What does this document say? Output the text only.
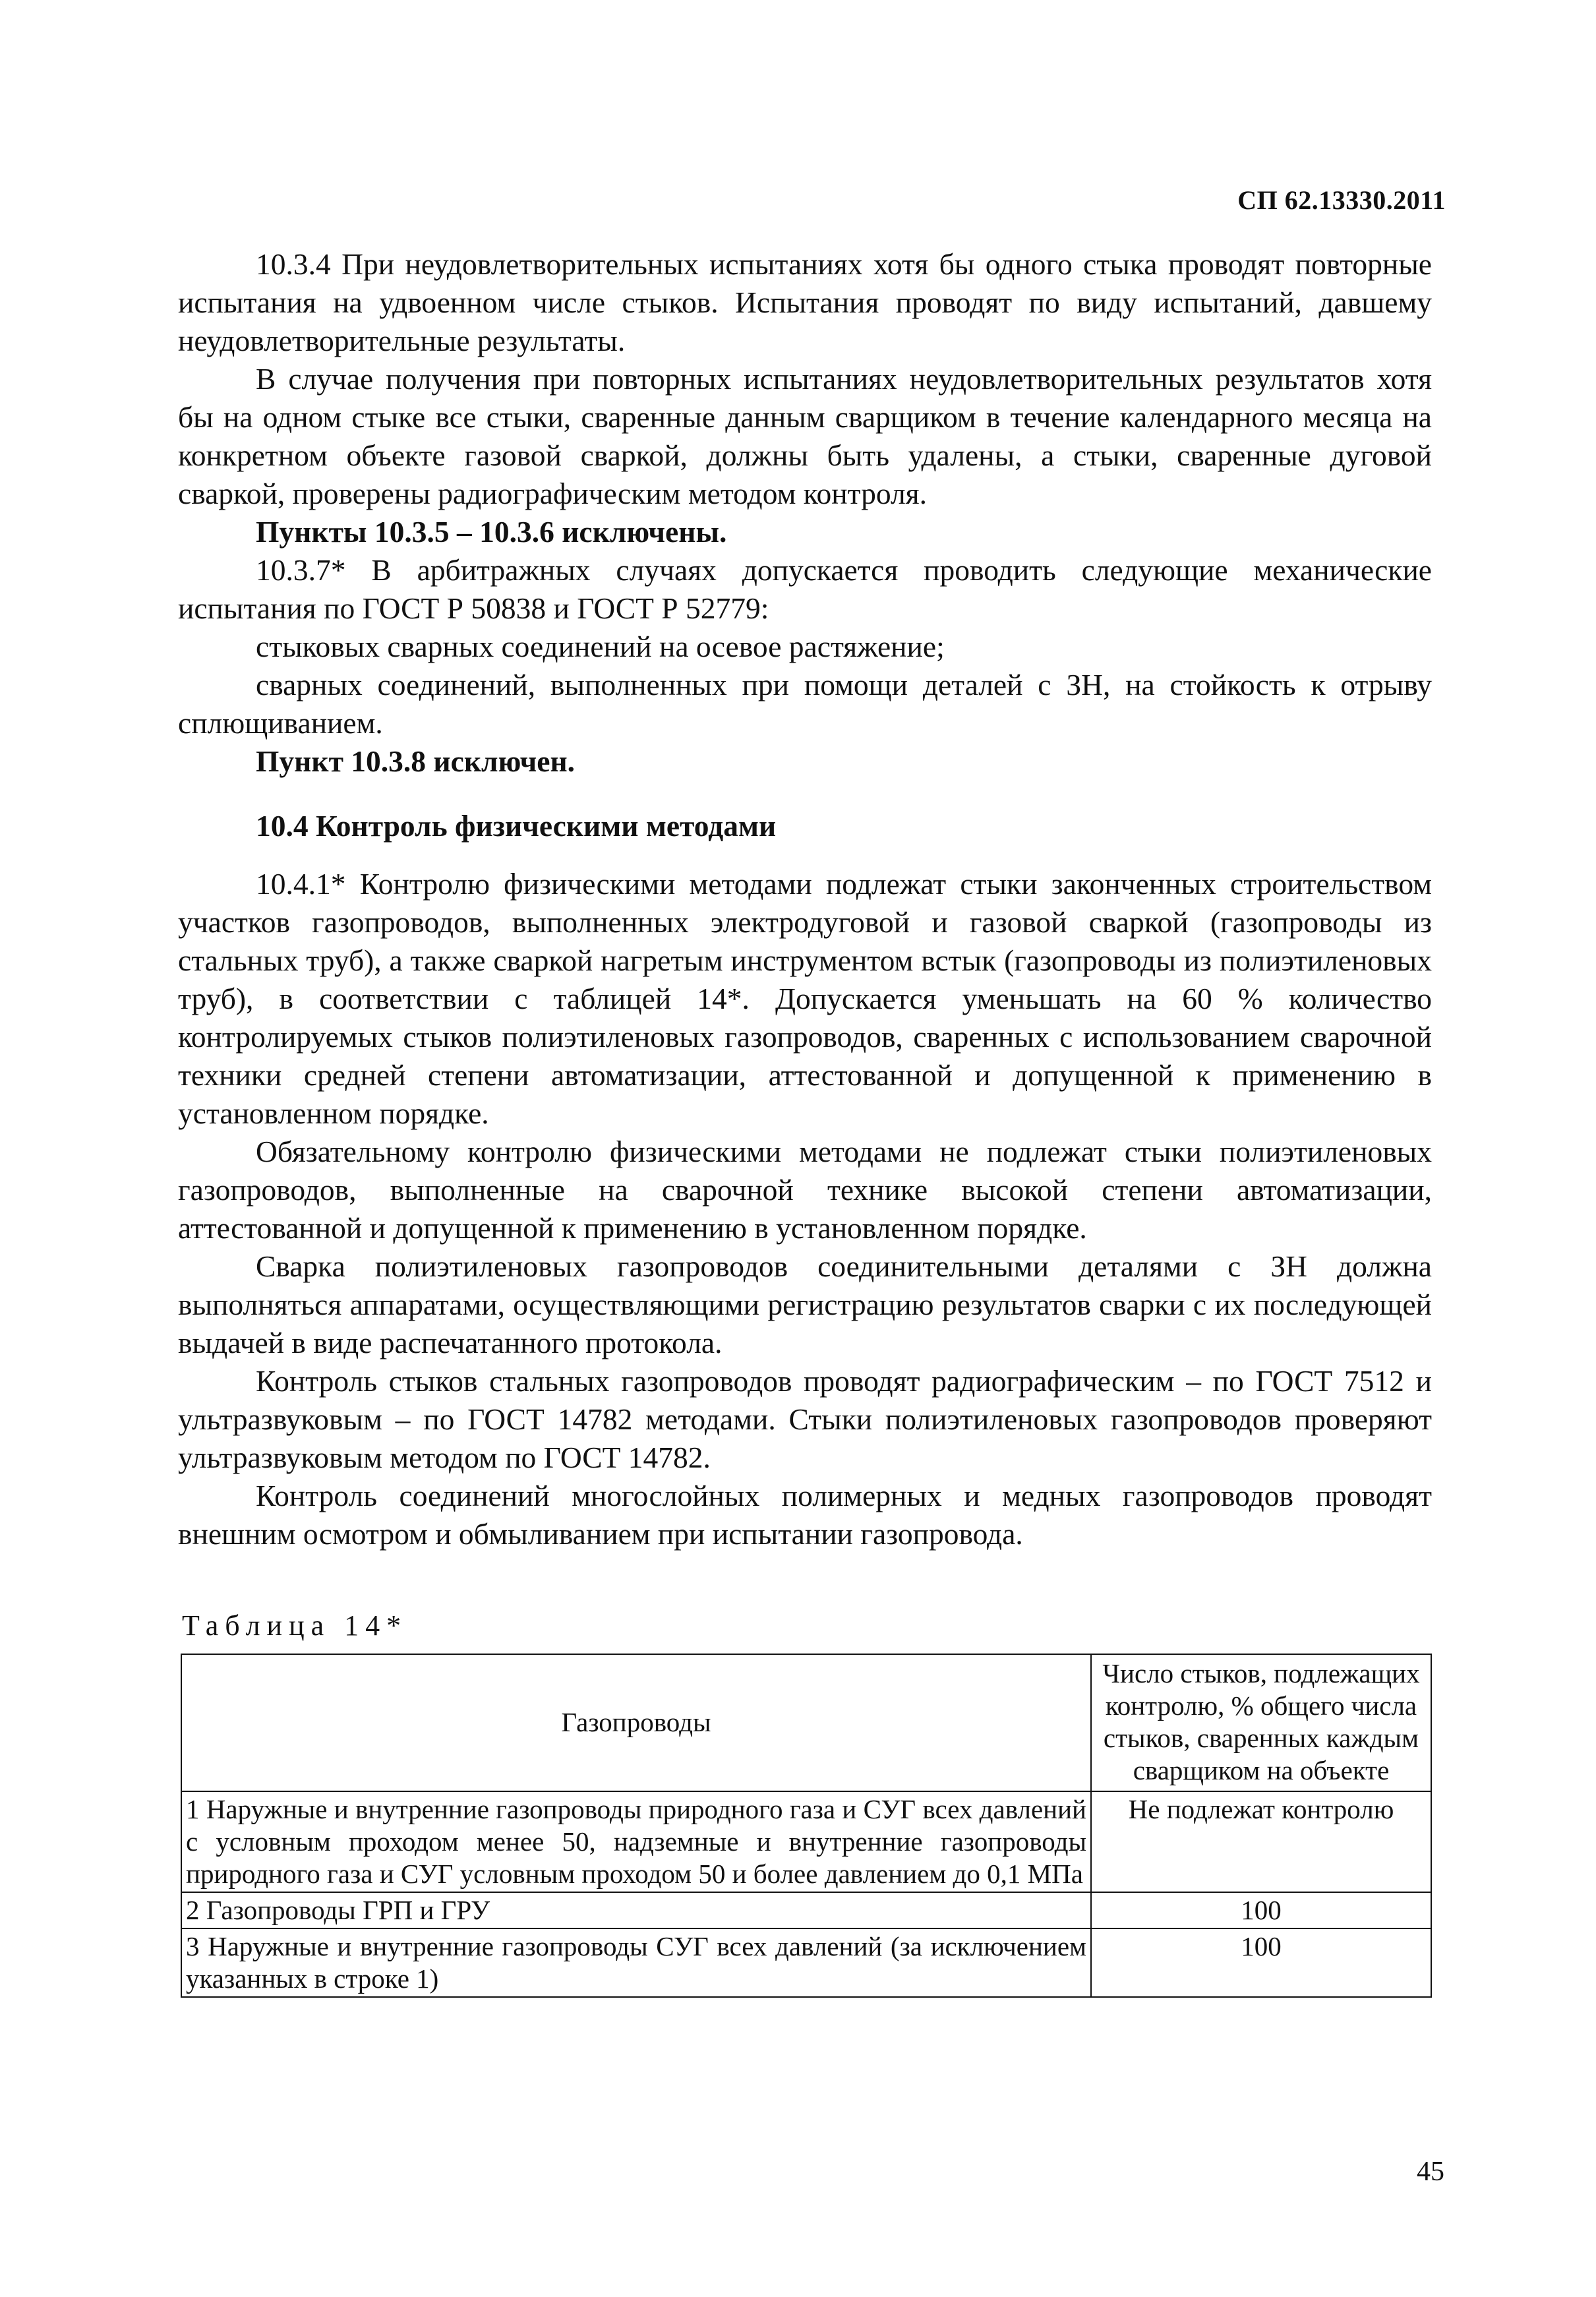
СП 62.13330.2011

10.3.4 При неудовлетворительных испытаниях хотя бы одного стыка проводят повторные испытания на удвоенном числе стыков. Испытания проводят по виду испытаний, давшему неудовлетворительные результаты.

В случае получения при повторных испытаниях неудовлетворительных результатов хотя бы на одном стыке все стыки, сваренные данным сварщиком в течение календарного месяца на конкретном объекте газовой сваркой, должны быть удалены, а стыки, сваренные дуговой сваркой, проверены радиографическим методом контроля.

Пункты 10.3.5 – 10.3.6 исключены.

10.3.7* В арбитражных случаях допускается проводить следующие механические испытания по ГОСТ Р 50838 и ГОСТ Р 52779:

стыковых сварных соединений на осевое растяжение;

сварных соединений, выполненных при помощи деталей с ЗН, на стойкость к отрыву сплющиванием.

Пункт 10.3.8 исключен.

10.4 Контроль физическими методами

10.4.1* Контролю физическими методами подлежат стыки законченных строительством участков газопроводов, выполненных электродуговой и газовой сваркой (газопроводы из стальных труб), а также сваркой нагретым инструментом встык (газопроводы из полиэтиленовых труб), в соответствии с таблицей 14*. Допускается уменьшать на 60 % количество контролируемых стыков полиэтиленовых газопроводов, сваренных с использованием сварочной техники средней степени автоматизации, аттестованной и допущенной к применению в установленном порядке.

Обязательному контролю физическими методами не подлежат стыки полиэтиленовых газопроводов, выполненные на сварочной технике высокой степени автоматизации, аттестованной и допущенной к применению в установленном порядке.

Сварка полиэтиленовых газопроводов соединительными деталями с ЗН должна выполняться аппаратами, осуществляющими регистрацию результатов сварки с их последующей выдачей в виде распечатанного протокола.

Контроль стыков стальных газопроводов проводят радиографическим – по ГОСТ 7512 и ультразвуковым – по ГОСТ 14782 методами. Стыки полиэтиленовых газопроводов проверяют ультразвуковым методом по ГОСТ 14782.

Контроль соединений многослойных полимерных и медных газопроводов проводят внешним осмотром и обмыливанием при испытании газопровода.

Таблица 14*
Газопроводы	Число стыков, подлежащих контролю, % общего числа стыков, сваренных каждым сварщиком на объекте
1 Наружные и внутренние газопроводы природного газа и СУГ всех давлений с условным проходом менее 50, надземные и внутренние газопроводы природного газа и СУГ условным проходом 50 и более давлением до 0,1 МПа	Не подлежат контролю
2 Газопроводы ГРП и ГРУ	100
3 Наружные и внутренние газопроводы СУГ всех давлений (за исключением указанных в строке 1)	100
45
